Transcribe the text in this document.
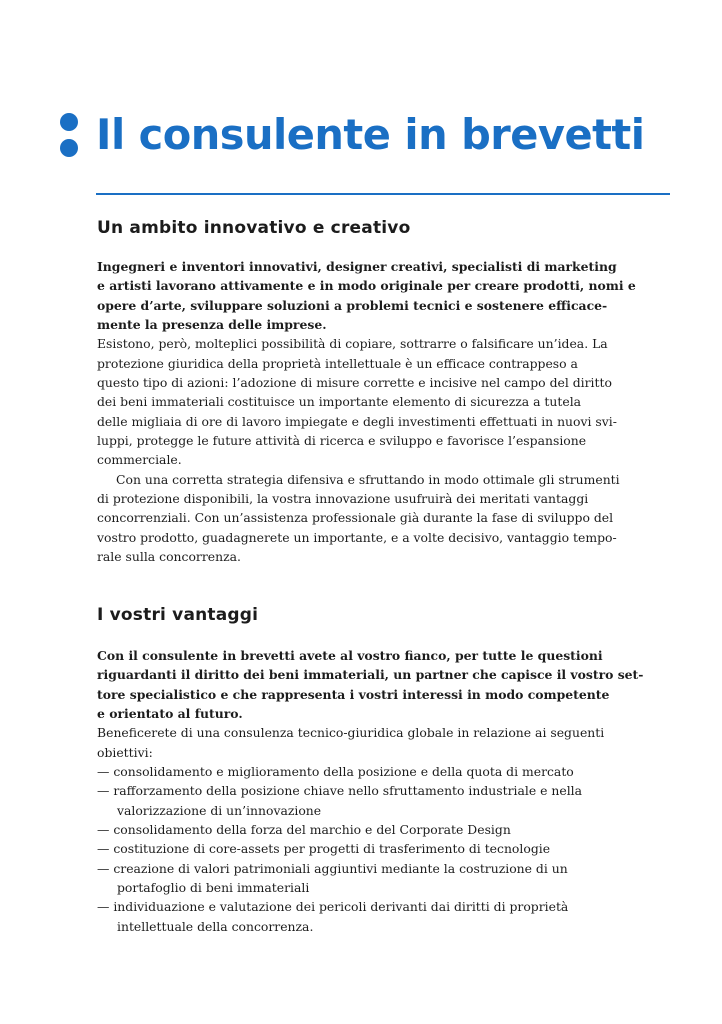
Il consulente in brevetti
Un ambito innovativo e creativo
Ingegneri e inventori innovativi, designer creativi, specialisti di marketing
e artisti lavorano attivamente e in modo originale per creare prodotti, nomi e
opere d’arte, sviluppare soluzioni a problemi tecnici e sostenere efficace-
mente la presenza delle imprese.
Esistono, però, molteplici possibilità di copiare, sottrarre o falsificare un’idea. La
protezione giuridica della proprietà intellettuale è un efficace contrappeso a
questo tipo di azioni: l’adozione di misure corrette e incisive nel campo del diritto
dei beni immateriali costituisce un importante elemento di sicurezza a tutela
delle migliaia di ore di lavoro impiegate e degli investimenti effettuati in nuovi svi-
luppi, protegge le future attività di ricerca e sviluppo e favorisce l’espansione
commerciale.
Con una corretta strategia difensiva e sfruttando in modo ottimale gli strumenti
di protezione disponibili, la vostra innovazione usufruirà dei meritati vantaggi
concorrenziali. Con un’assistenza professionale già durante la fase di sviluppo del
vostro prodotto, guadagnerete un importante, e a volte decisivo, vantaggio tempo-
rale sulla concorrenza.
I vostri vantaggi
Con il consulente in brevetti avete al vostro fianco, per tutte le questioni
riguardanti il diritto dei beni immateriali, un partner che capisce il vostro set-
tore specialistico e che rappresenta i vostri interessi in modo competente
e orientato al futuro.
Beneficerete di una consulenza tecnico-giuridica globale in relazione ai seguenti
obiettivi:
— consolidamento e miglioramento della posizione e della quota di mercato
— rafforzamento della posizione chiave nello sfruttamento industriale e nella
valorizzazione di un’innovazione
— consolidamento della forza del marchio e del Corporate Design
— costituzione di core-assets per progetti di trasferimento di tecnologie
— creazione di valori patrimoniali aggiuntivi mediante la costruzione di un
portafoglio di beni immateriali
— individuazione e valutazione dei pericoli derivanti dai diritti di proprietà
intellettuale della concorrenza.
